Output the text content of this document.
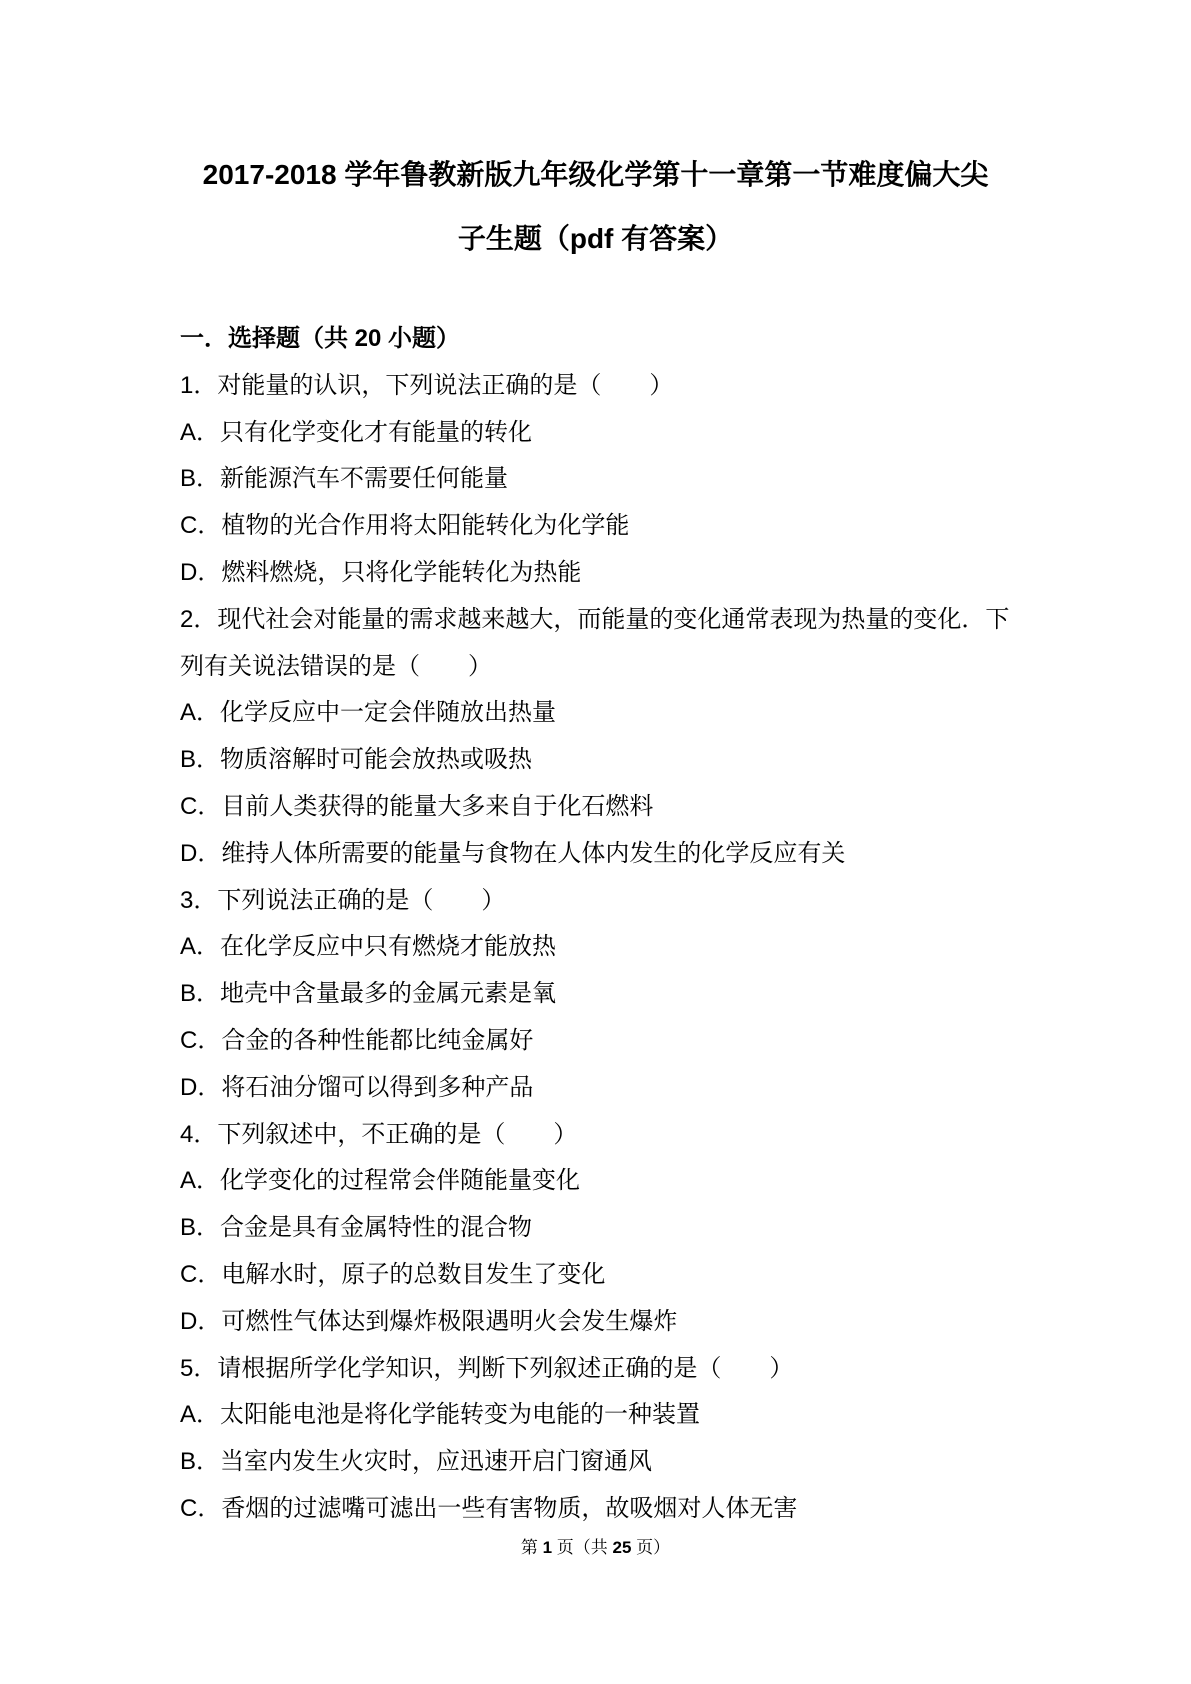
2017-2018 学年鲁教新版九年级化学第十一章第一节难度偏大尖
子生题（pdf 有答案）
一．选择题（共 20 小题）
1．对能量的认识，下列说法正确的是（　　）
A．只有化学变化才有能量的转化
B．新能源汽车不需要任何能量
C．植物的光合作用将太阳能转化为化学能
D．燃料燃烧，只将化学能转化为热能
2．现代社会对能量的需求越来越大，而能量的变化通常表现为热量的变化．下
列有关说法错误的是（　　）
A．化学反应中一定会伴随放出热量
B．物质溶解时可能会放热或吸热
C．目前人类获得的能量大多来自于化石燃料
D．维持人体所需要的能量与食物在人体内发生的化学反应有关
3．下列说法正确的是（　　）
A．在化学反应中只有燃烧才能放热
B．地壳中含量最多的金属元素是氧
C．合金的各种性能都比纯金属好
D．将石油分馏可以得到多种产品
4．下列叙述中，不正确的是（　　）
A．化学变化的过程常会伴随能量变化
B．合金是具有金属特性的混合物
C．电解水时，原子的总数目发生了变化
D．可燃性气体达到爆炸极限遇明火会发生爆炸
5．请根据所学化学知识，判断下列叙述正确的是（　　）
A．太阳能电池是将化学能转变为电能的一种装置
B．当室内发生火灾时，应迅速开启门窗通风
C．香烟的过滤嘴可滤出一些有害物质，故吸烟对人体无害
第 1 页（共 25 页）
